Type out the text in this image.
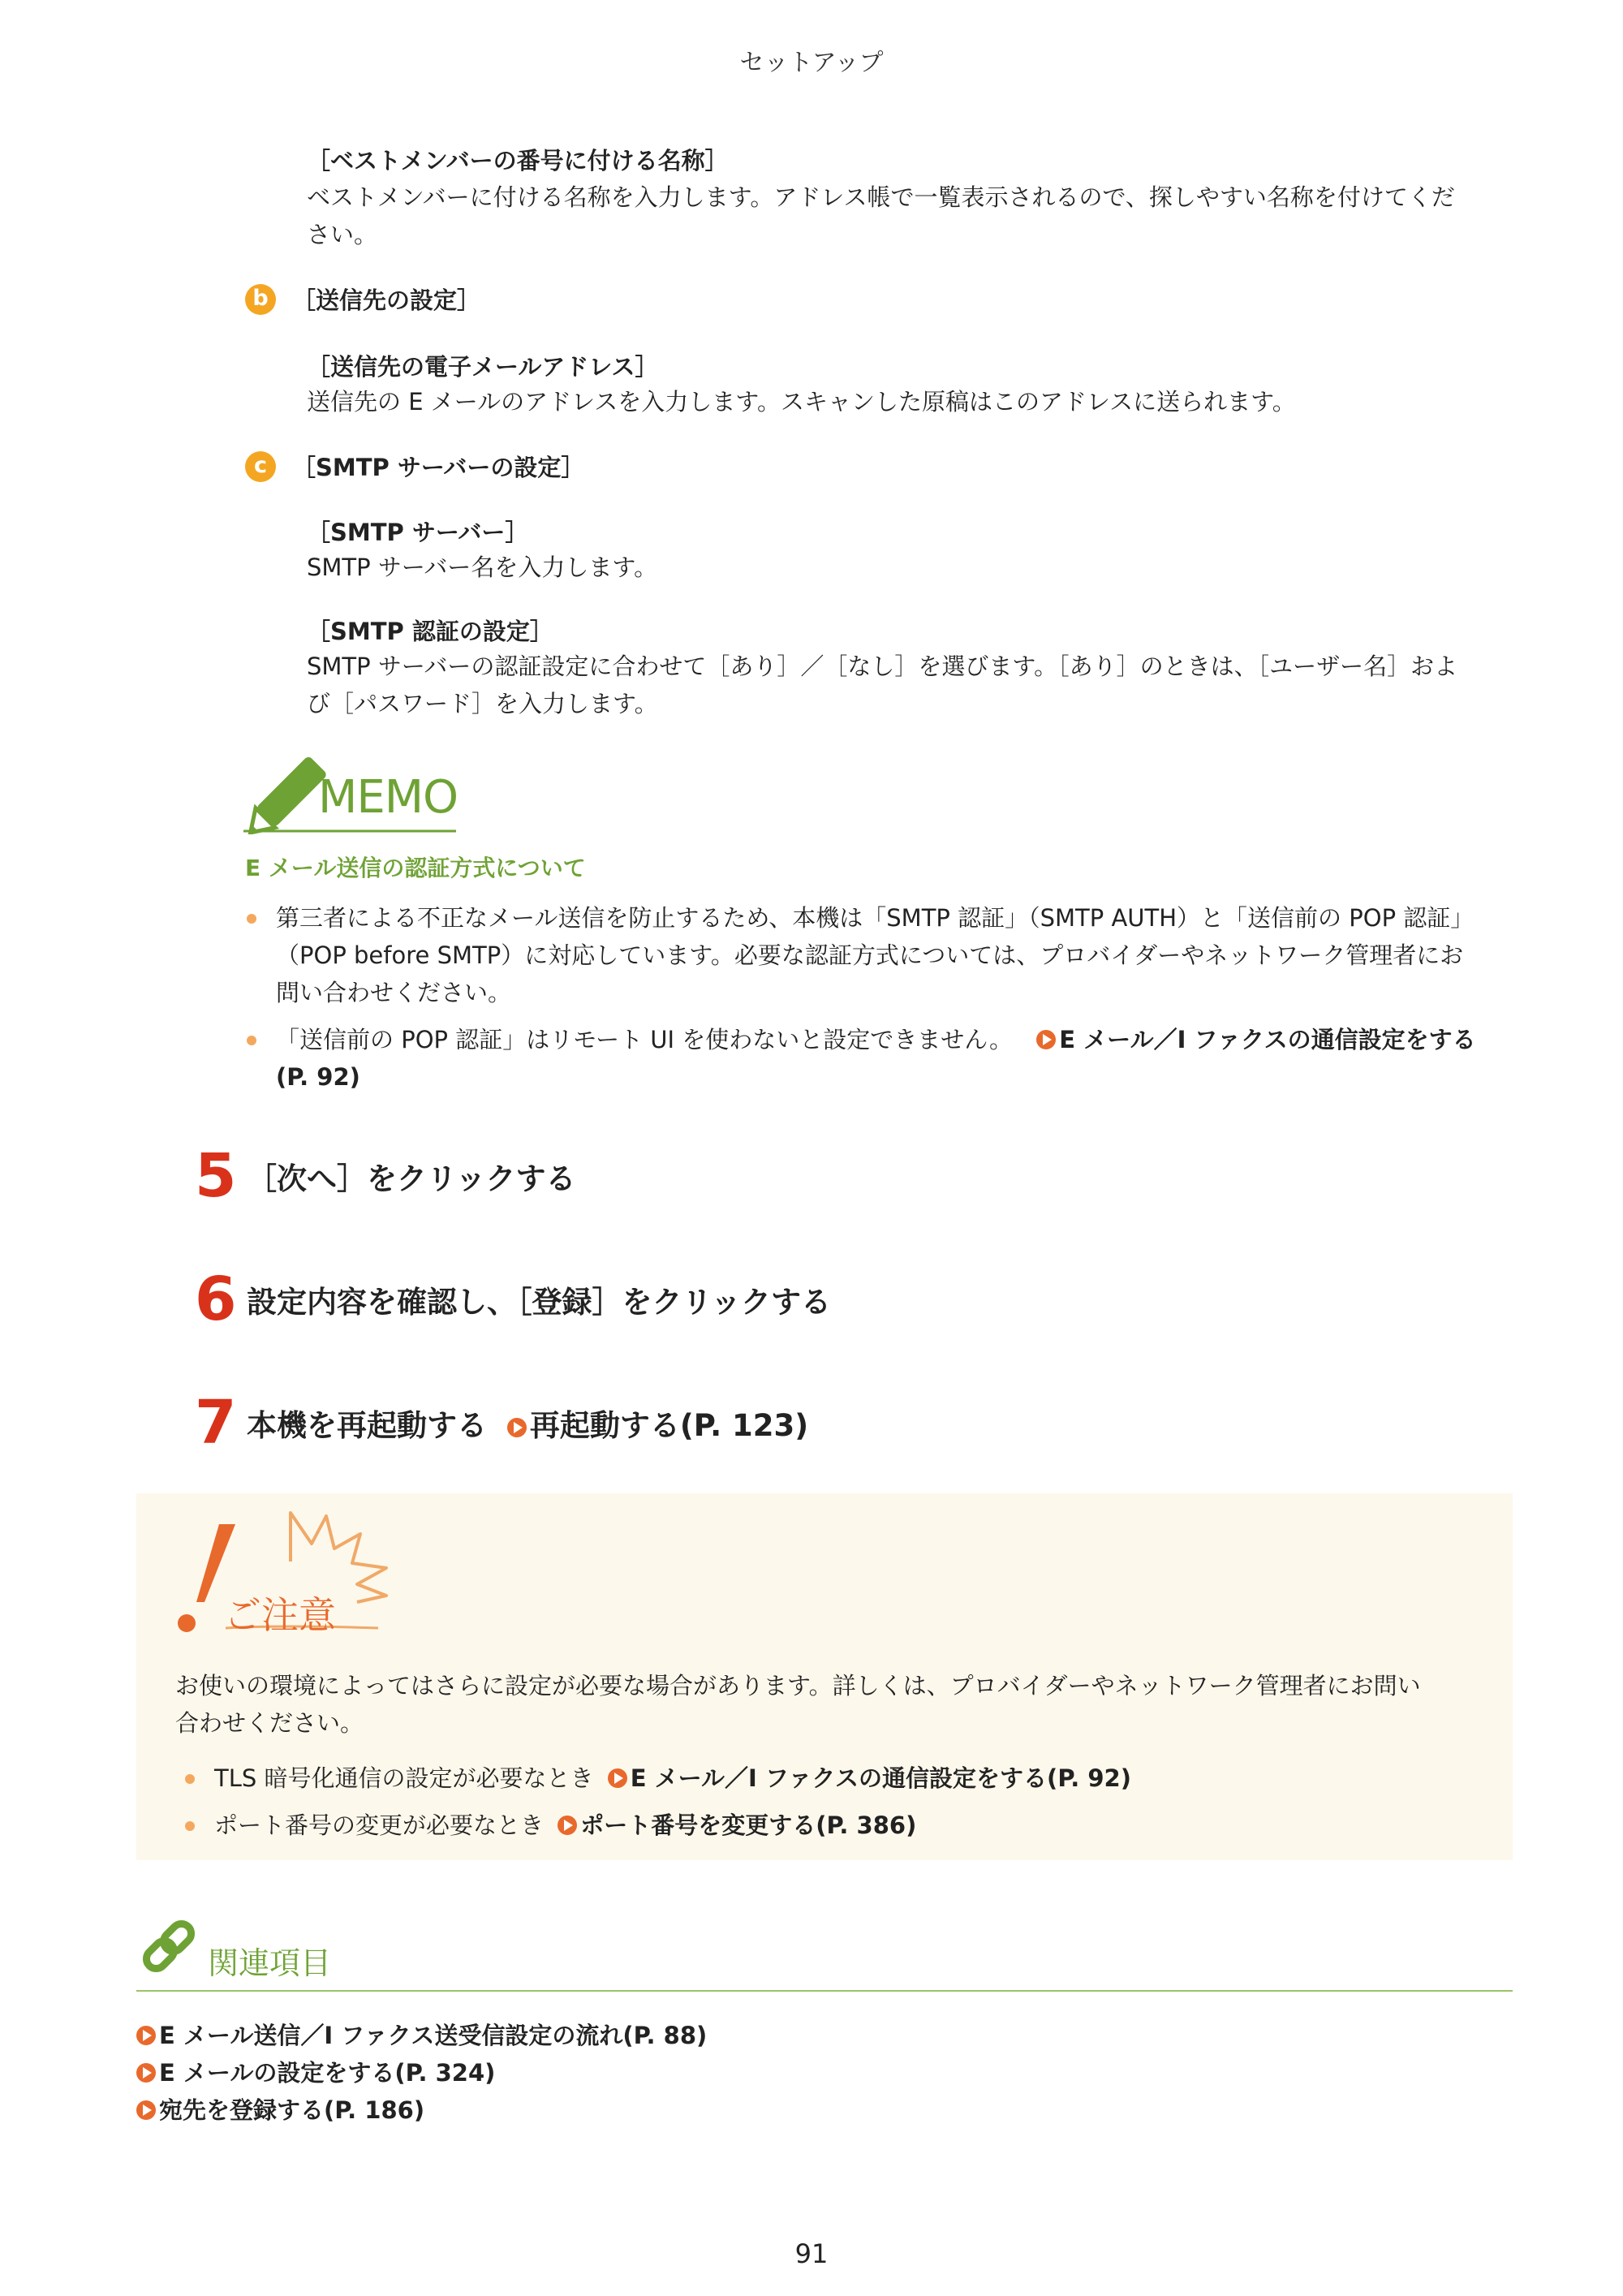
セットアップ
［ベストメンバーの番号に付ける名称］
ベストメンバーに付ける名称を入力します。アドレス帳で一覧表示されるので、探しやすい名称を付けてくだ
さい。
b	［送信先の設定］
［送信先の電子メールアドレス］
送信先の E メールのアドレスを入力します。スキャンした原稿はこのアドレスに送られます。
c	［SMTP サーバーの設定］
［SMTP サーバー］
SMTP サーバー名を入力します。
［SMTP 認証の設定］
SMTP サーバーの認証設定に合わせて［あり］／［なし］を選びます。［あり］のときは、［ユーザー名］およ
び［パスワード］を入力します。
MEMO
E メール送信の認証方式について
第三者による不正なメール送信を防止するため、本機は「SMTP 認証」（SMTP AUTH）と「送信前の POP 認証」
（POP before SMTP）に対応しています。必要な認証方式については、プロバイダーやネットワーク管理者にお
問い合わせください。
「送信前の POP 認証」はリモート UI を使わないと設定できません。 E メール／I ファクスの通信設定をする
(P. 92)
5 ［次へ］をクリックする
6 設定内容を確認し、［登録］をクリックする
7 本機を再起動する 再起動する(P. 123)
ご注意
お使いの環境によってはさらに設定が必要な場合があります。詳しくは、プロバイダーやネットワーク管理者にお問い
合わせください。
TLS 暗号化通信の設定が必要なとき E メール／I ファクスの通信設定をする(P. 92)
ポート番号の変更が必要なとき ポート番号を変更する(P. 386)
関連項目
E メール送信／I ファクス送受信設定の流れ(P. 88)
E メールの設定をする(P. 324)
宛先を登録する(P. 186)
91
